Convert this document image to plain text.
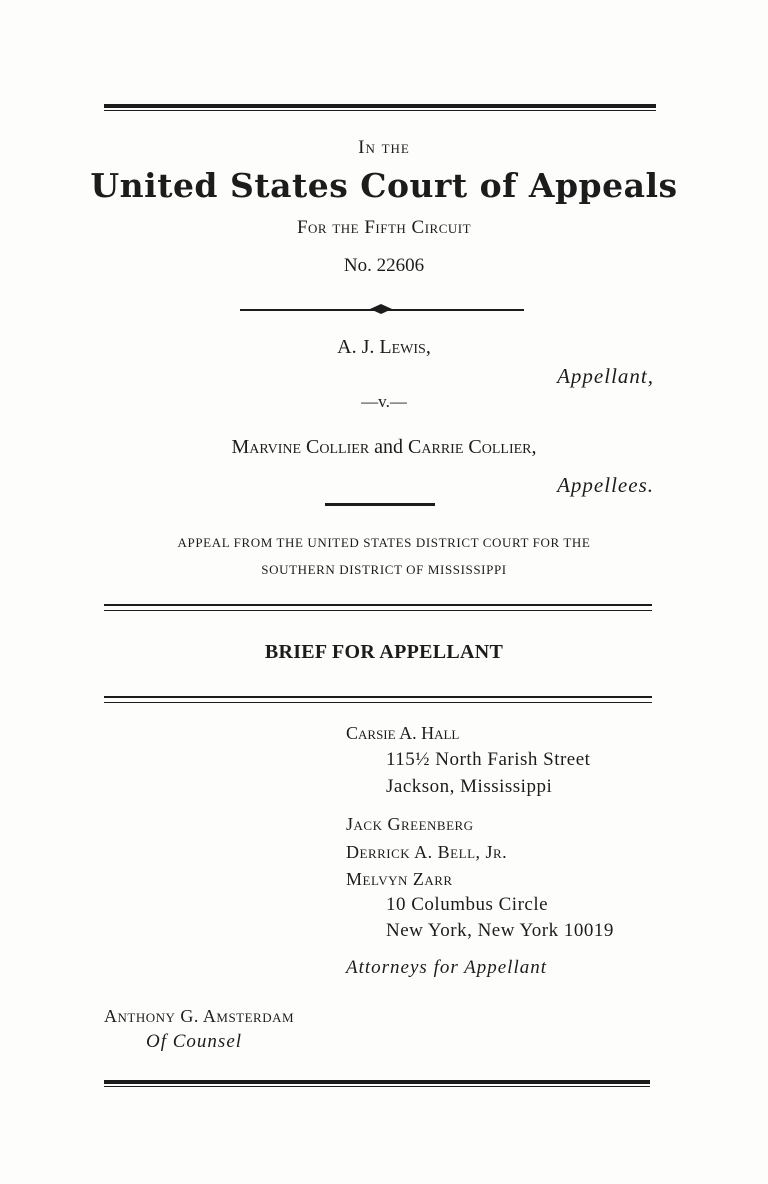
In the
United States Court of Appeals
For the Fifth Circuit
No. 22606
A. J. Lewis,
Appellant,
—v.—
Marvine Collier and Carrie Collier,
Appellees.
APPEAL FROM THE UNITED STATES DISTRICT COURT FOR THE
SOUTHERN DISTRICT OF MISSISSIPPI
BRIEF FOR APPELLANT
Carsie A. Hall
115½ North Farish Street
Jackson, Mississippi
Jack Greenberg
Derrick A. Bell, Jr.
Melvyn Zarr
10 Columbus Circle
New York, New York 10019
Attorneys for Appellant
Anthony G. Amsterdam
Of Counsel
